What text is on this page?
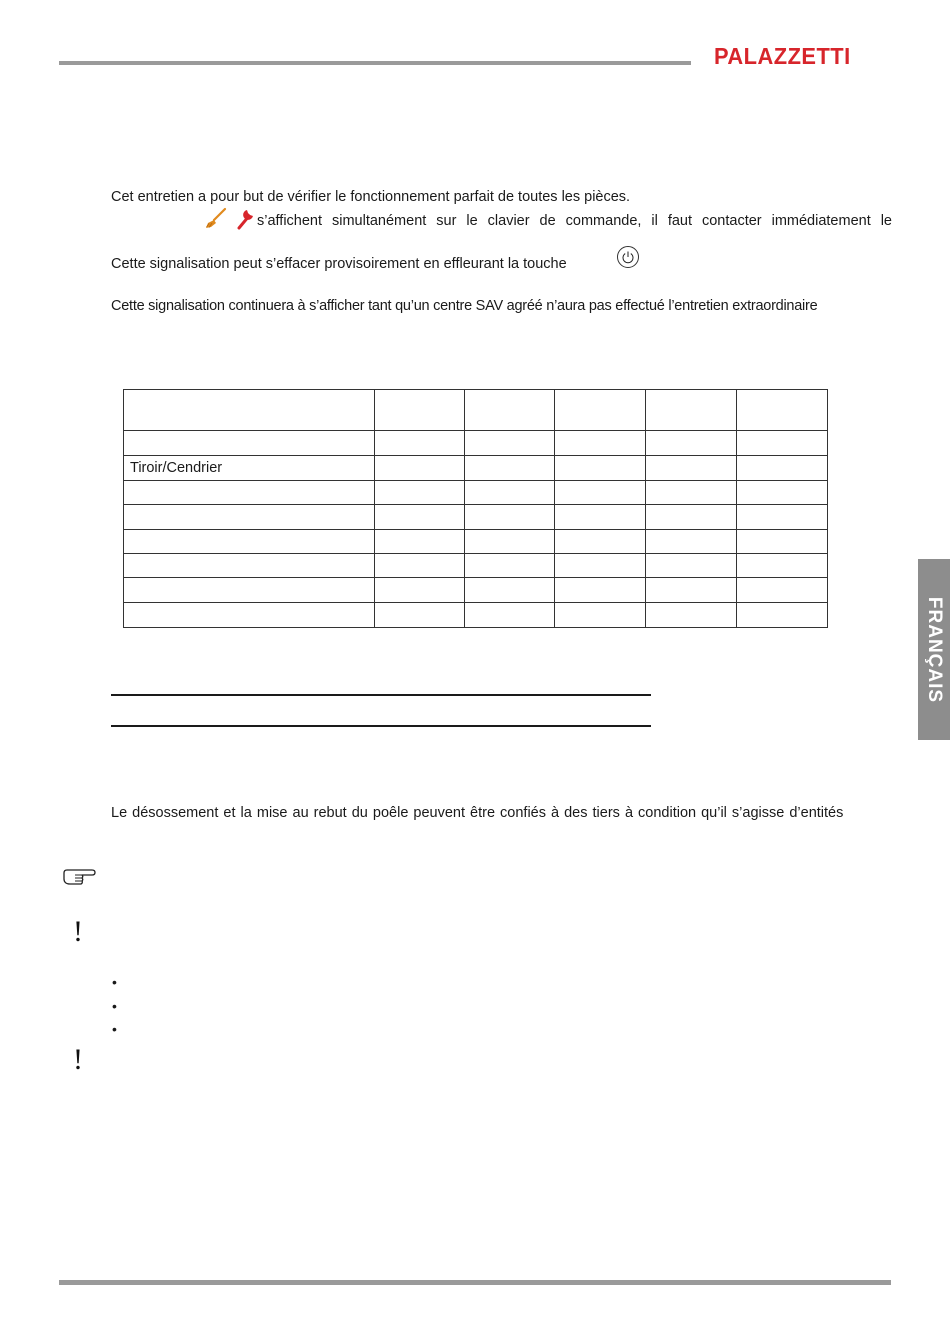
PALAZZETTI
Cet entretien a pour but de vérifier le fonctionnement parfait de toutes les pièces.
s’affichent simultanément sur le clavier de commande, il faut contacter immédiatement le
Cette signalisation peut s’effacer provisoirement en effleurant la touche
Cette signalisation continuera à s’afficher tant qu’un centre SAV agréé n’aura pas effectué l’entretien extraordinaire

Tiroir/Cendrier					

Le désossement et la mise au rebut du poêle peuvent être confiés à des tiers à condition qu’il s’agisse d’entités
!
!
•
•
•
FRANÇAIS
